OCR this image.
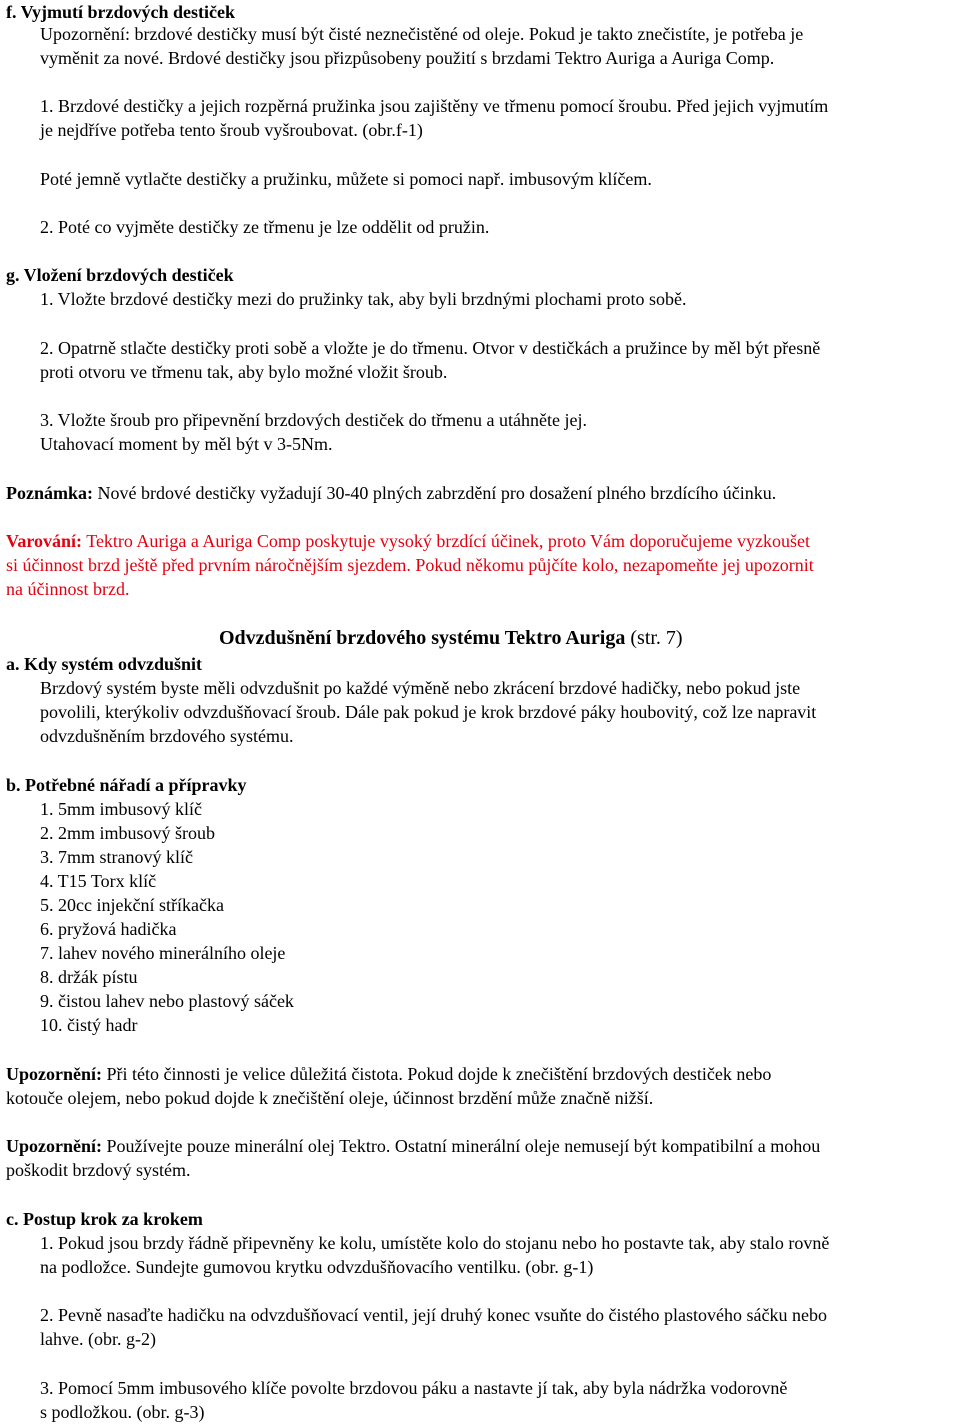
f. Vyjmutí brzdových destiček
Upozornění: brzdové destičky musí být čisté neznečistěné od oleje. Pokud je takto znečistíte, je potřeba je
vyměnit za nové. Brdové destičky jsou přizpůsobeny použití s brzdami Tektro Auriga a Auriga Comp.
1. Brzdové destičky a jejich rozpěrná pružinka jsou zajištěny ve třmenu pomocí šroubu. Před jejich vyjmutím
je nejdříve potřeba tento šroub vyšroubovat. (obr.f-1)
Poté jemně vytlačte destičky a pružinku, můžete si pomoci např. imbusovým klíčem.
2. Poté co vyjměte destičky ze třmenu je lze oddělit od pružin.
g. Vložení brzdových destiček
1. Vložte brzdové destičky mezi do pružinky tak, aby byli brzdnými plochami proto sobě.
2. Opatrně stlačte destičky proti sobě a vložte je do třmenu. Otvor v destičkách a pružince by měl být přesně
proti otvoru ve třmenu tak, aby bylo možné vložit šroub.
3. Vložte šroub pro připevnění brzdových destiček do třmenu a utáhněte jej.
Utahovací moment by měl být v 3-5Nm.
Poznámka: Nové brdové destičky vyžadují 30-40 plných zabrzdění pro dosažení plného brzdícího účinku.
Varování: Tektro Auriga a Auriga Comp poskytuje vysoký brzdící účinek, proto Vám doporučujeme vyzkoušet
si účinnost brzd ještě před prvním náročnějším sjezdem. Pokud někomu půjčíte kolo, nezapomeňte jej upozornit
na účinnost brzd.
Odvzdušnění brzdového systému Tektro Auriga (str. 7)
a. Kdy systém odvzdušnit
Brzdový systém byste měli odvzdušnit po každé výměně nebo zkrácení brzdové hadičky, nebo pokud jste
povolili, kterýkoliv odvzdušňovací šroub. Dále pak pokud je krok brzdové páky houbovitý, což lze napravit
odvzdušněním brzdového systému.
b. Potřebné nářadí a přípravky
1. 5mm imbusový klíč
2. 2mm imbusový šroub
3. 7mm stranový klíč
4. T15 Torx klíč
5. 20cc injekční stříkačka
6. pryžová hadička
7. lahev nového minerálního oleje
8. držák pístu
9. čistou lahev nebo plastový sáček
10. čistý hadr
Upozornění: Při této činnosti je velice důležitá čistota. Pokud dojde k znečištění brzdových destiček nebo
kotouče olejem, nebo pokud dojde k znečištění oleje, účinnost brzdění může značně nižší.
Upozornění: Používejte pouze minerální olej Tektro. Ostatní minerální oleje nemusejí být kompatibilní a mohou
poškodit brzdový systém.
c. Postup krok za krokem
1. Pokud jsou brzdy řádně připevněny ke kolu, umístěte kolo do stojanu nebo ho postavte tak, aby stalo rovně
na podložce. Sundejte gumovou krytku odvzdušňovacího ventilku. (obr. g-1)
2. Pevně nasaďte hadičku na odvzdušňovací ventil, její druhý konec vsuňte do čistého plastového sáčku nebo
lahve. (obr. g-2)
3. Pomocí 5mm imbusového klíče povolte brzdovou páku a nastavte jí tak, aby byla nádržka vodorovně
s podložkou. (obr. g-3)
